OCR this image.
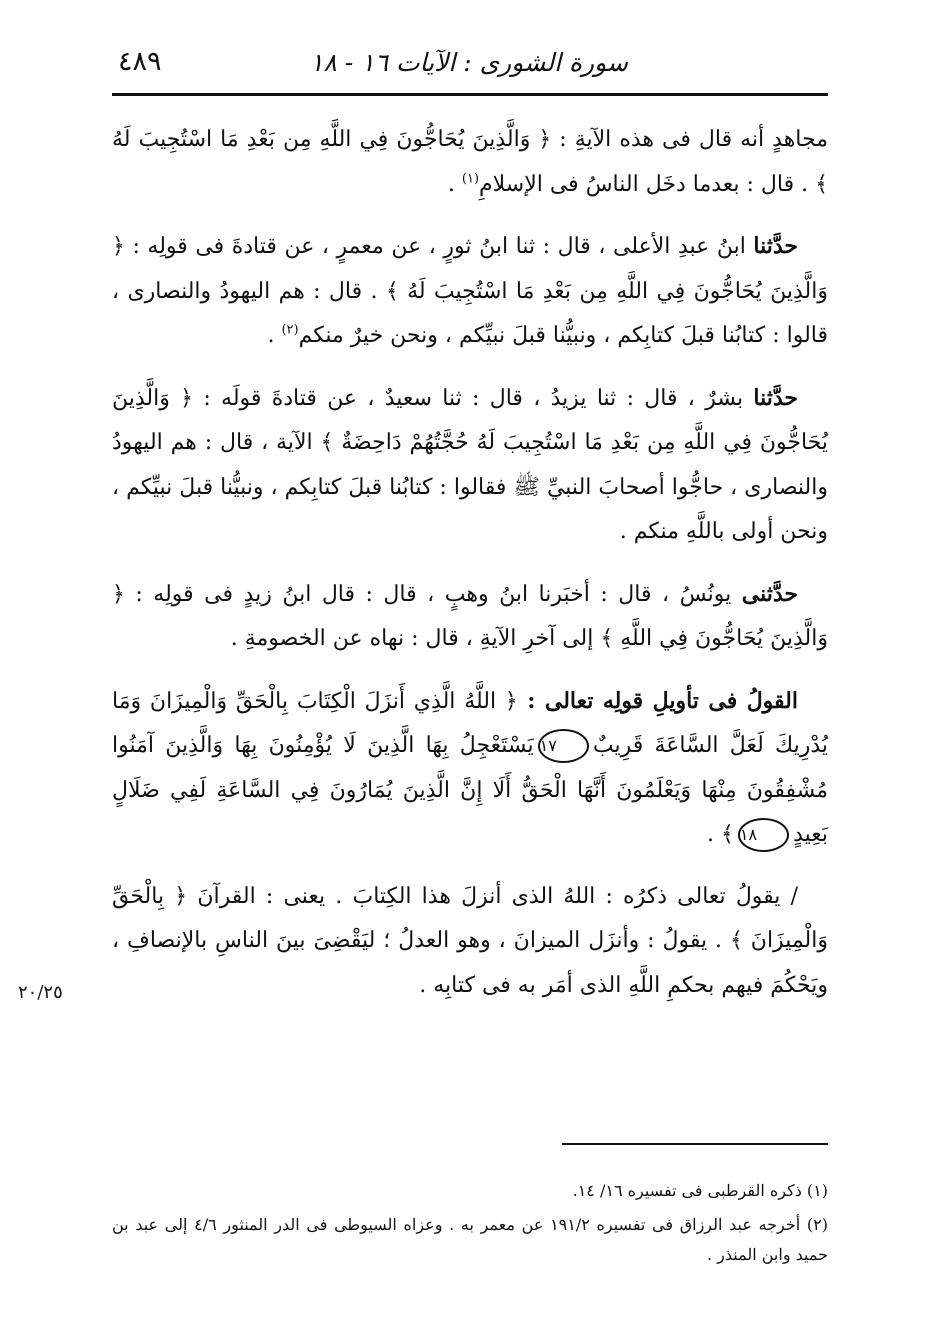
سورة الشورى : الآيات ١٦ - ١٨
٤٨٩
٢٠/٢٥

مجاهدٍ أنه قال فى هذه الآيةِ : ﴿ وَالَّذِينَ يُحَاجُّونَ فِي اللَّهِ مِن بَعْدِ مَا اسْتُجِيبَ لَهُ ﴾ . قال : بعدما دخَل الناسُ فى الإسلامِ$^{(١)}$ .

حدَّثنا ابنُ عبدِ الأعلى ، قال : ثنا ابنُ ثورٍ ، عن معمرٍ ، عن قتادةَ فى قولِه : ﴿ وَالَّذِينَ يُحَاجُّونَ فِي اللَّهِ مِن بَعْدِ مَا اسْتُجِيبَ لَهُ ﴾ . قال : هم اليهودُ والنصارى ، قالوا : كتابُنا قبلَ كتابِكم ، ونبيُّنا قبلَ نبيِّكم ، ونحن خيرٌ منكم$^{(٢)}$ .

حدَّثنا بشرٌ ، قال : ثنا يزيدُ ، قال : ثنا سعيدٌ ، عن قتادةَ قولَه : ﴿ وَالَّذِينَ يُحَاجُّونَ فِي اللَّهِ مِن بَعْدِ مَا اسْتُجِيبَ لَهُ حُجَّتُهُمْ دَاحِضَةٌ ﴾ الآية ، قال : هم اليهودُ والنصارى ، حاجُّوا أصحابَ النبيِّ ﷺ فقالوا : كتابُنا قبلَ كتابِكم ، ونبيُّنا قبلَ نبيِّكم ، ونحن أولى باللَّهِ منكم .

حدَّثنى يونُسُ ، قال : أخبَرنا ابنُ وهبٍ ، قال : قال ابنُ زيدٍ فى قولِه : ﴿ وَالَّذِينَ يُحَاجُّونَ فِي اللَّهِ ﴾ إلى آخرِ الآيةِ ، قال : نهاه عن الخصومةِ .

القولُ فى تأويلِ قولِه تعالى : ﴿ اللَّهُ الَّذِي أَنزَلَ الْكِتَابَ بِالْحَقِّ وَالْمِيزَانَ وَمَا يُدْرِيكَ لَعَلَّ السَّاعَةَ قَرِيبٌ١٧يَسْتَعْجِلُ بِهَا الَّذِينَ لَا يُؤْمِنُونَ بِهَا وَالَّذِينَ آمَنُوا مُشْفِقُونَ مِنْهَا وَيَعْلَمُونَ أَنَّهَا الْحَقُّ أَلَا إِنَّ الَّذِينَ يُمَارُونَ فِي السَّاعَةِ لَفِي ضَلَالٍ بَعِيدٍ١٨﴾ .

/ يقولُ تعالى ذكرُه : اللهُ الذى أنزلَ هذا الكِتابَ . يعنى : القرآنَ ﴿ بِالْحَقِّ وَالْمِيزَانَ ﴾ . يقولُ : وأنزَل الميزانَ ، وهو العدلُ ؛ ليَقْضِىَ بينَ الناسِ بالإنصافِ ، ويَحْكُمَ فيهم بحكمِ اللَّهِ الذى أمَر به فى كتابِه .

(١) ذكره القرطبى فى تفسيره ١٦/ ١٤.

(٢) أخرجه عبد الرزاق فى تفسيره ١٩١/٢ عن معمر به . وعزاه السيوطى فى الدر المنثور ٤/٦ إلى عبد بن حميد وابن المنذر .
